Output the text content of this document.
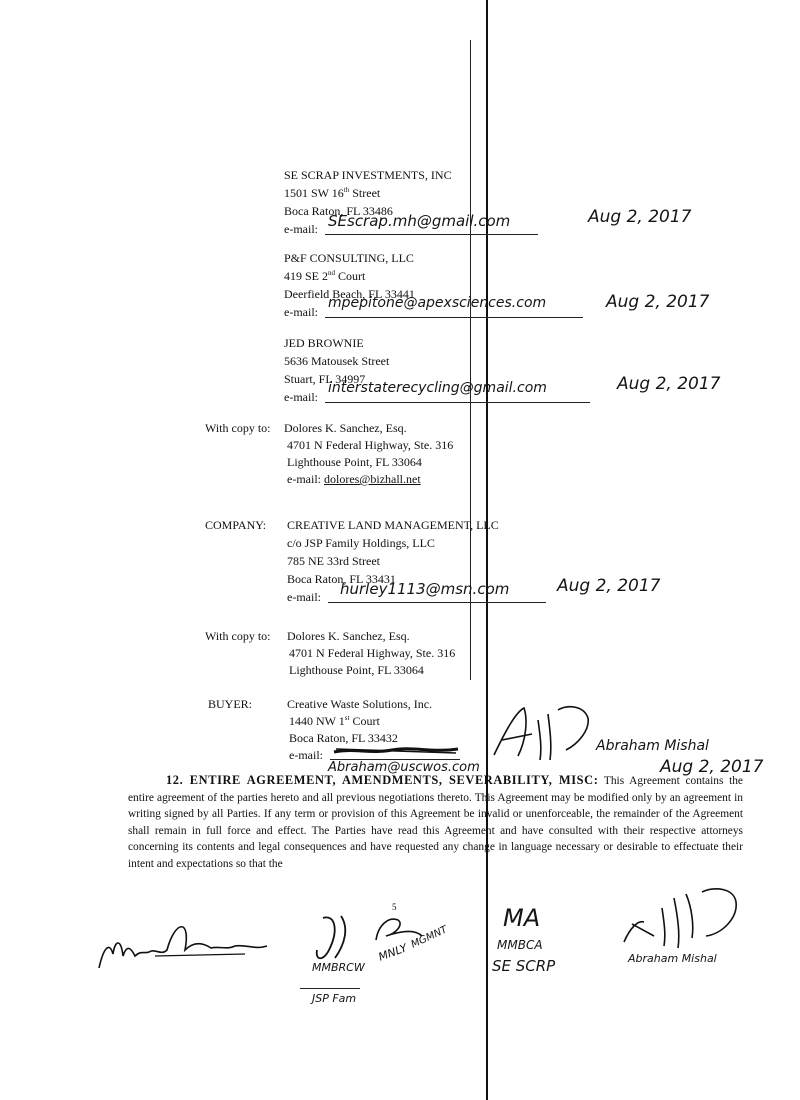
SE SCRAP INVESTMENTS, INC
1501 SW 16th Street
Boca Raton, FL 33486
e-mail: SEscrap.mh@gmail.com	Aug 2, 2017
P&F CONSULTING, LLC
419 SE 2nd Court
Deerfield Beach, FL 33441
e-mail:
mpepitone@apexsciences.com	Aug 2, 2017
JED BROWNIE
5636 Matousek Street
Stuart, FL 34997
e-mail:
interstaterecycling@gmail.com	Aug 2, 2017
With copy to: Dolores K. Sanchez, Esq.
4701 N Federal Highway, Ste. 316
Lighthouse Point, FL 33064
e-mail: dolores@bizhall.net
COMPANY: CREATIVE LAND MANAGEMENT, LLC
c/o JSP Family Holdings, LLC
785 NE 33rd Street
Boca Raton, FL 33431
e-mail: hurley1113@msn.com	Aug 2, 2017
With copy to: Dolores K. Sanchez, Esq.
4701 N Federal Highway, Ste. 316
Lighthouse Point, FL 33064
BUYER:	Creative Waste Solutions, Inc.
1440 NW 1st Court
Boca Raton, FL 33432
e-mail:
Abraham@uscwos.com
Abraham Mishal
Aug 2, 2017
12. ENTIRE AGREEMENT, AMENDMENTS, SEVERABILITY, MISC: This Agreement contains the entire agreement of the parties hereto and all previous negotiations thereto. This Agreement may be modified only by an agreement in writing signed by all Parties. If any term or provision of this Agreement be invalid or unenforceable, the remainder of the Agreement shall remain in full force and effect. The Parties have read this Agreement and have consulted with their respective attorneys concerning its contents and legal consequences and have requested any change in language necessary or desirable to effectuate their intent and expectations so that the
5
MMBRCW
JSP Fam
MNLY
MGMNT
MA
MMBCA
SE SCRP	Abraham Mishal
